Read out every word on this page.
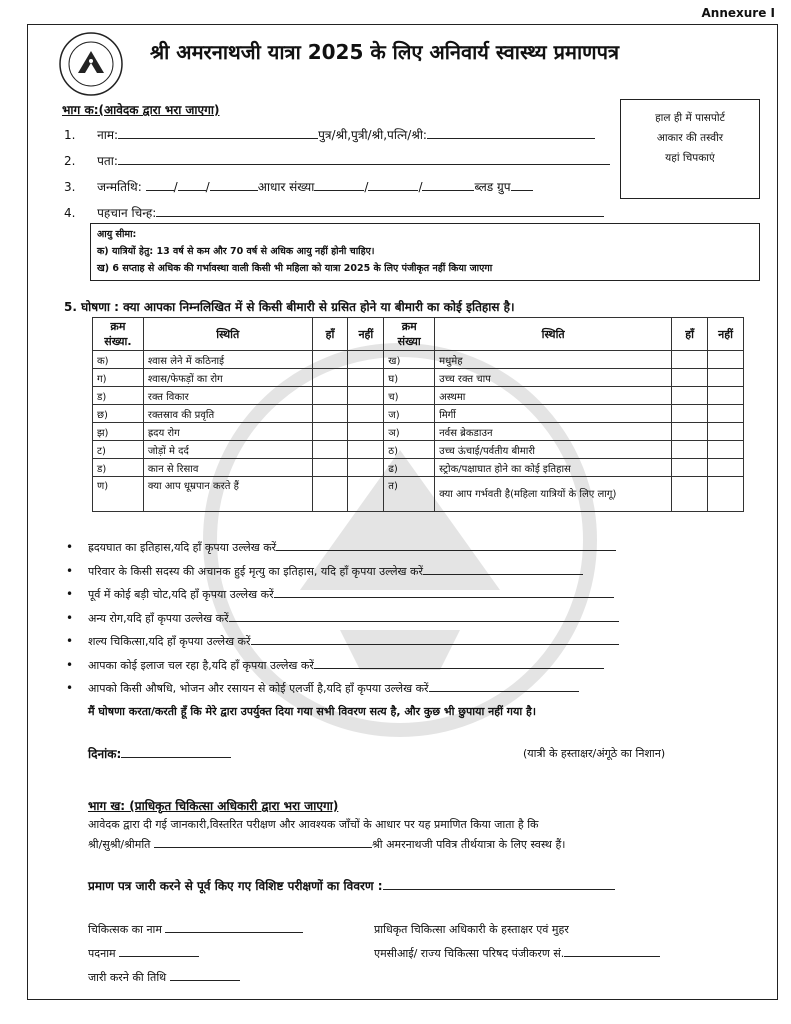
Annexure I
श्री अमरनाथजी यात्रा 2025 के लिए अनिवार्य स्वास्थ्य प्रमाणपत्र
भाग क:(आवेदक द्वारा भरा जाएगा)
हाल ही में पासपोर्ट
आकार की तस्वीर
यहां चिपकाएं
1. नाम:	पुत्र/श्री,पुत्री/श्री,पत्नि/श्री:
2. पता:
3. जन्मतिथि:	/ /	आधार संख्या	/	/	ब्लड ग्रुप
4. पहचान चिन्ह:
आयु सीमा:
क) यात्रियों हेतु: 13 वर्ष से कम और 70 वर्ष से अधिक आयु नहीं होनी चाहिए।
ख) 6 सप्ताह से अधिक की गर्भावस्था वाली किसी भी महिला को यात्रा 2025 के लिए पंजीकृत नहीं किया जाएगा
5. घोषणा : क्या आपका निम्नलिखित में से किसी बीमारी से ग्रसित होने या बीमारी का कोई इतिहास है।
क्रम संख्या.	स्थिति	हाँ	नहीं	क्रम संख्या	स्थिति	हाँ	नहीं
क)	श्वास लेने में कठिनाई			ख)	मधुमेह		
ग)	श्वास/फेफड़ों का रोग			घ)	उच्च रक्त चाप		
ड)	रक्त विकार			च)	अस्थमा		
छ)	रक्तस्राव की प्रवृति			ज)	मिर्गी		
झ)	ह्रदय रोग			ञ)	नर्वस ब्रेकडाउन		
ट)	जोड़ों मे दर्द			ठ)	उच्च ऊंचाई/पर्वतीय बीमारी		
ड)	कान से रिसाव			ढ)	स्ट्रोक/पक्षाघात होने का कोई इतिहास		
ण)	क्या आप धूम्रपान करते हैं			त)	क्या आप गर्भवती है(महिला यात्रियों के लिए लागू)		
• ह्रदयघात का इतिहास,यदि हाँ कृपया उल्लेख करें
• परिवार के किसी सदस्य की अचानक हुई मृत्यु का इतिहास, यदि हाँ कृपया उल्लेख करें
• पूर्व में कोई बड़ी चोट,यदि हाँ कृपया उल्लेख करें
• अन्य रोग,यदि हाँ कृपया उल्लेख करें
• शल्य चिकित्सा,यदि हाँ कृपया उल्लेख करें
• आपका कोई इलाज चल रहा है,यदि हाँ कृपया उल्लेख करें
• आपको किसी औषधि, भोजन और रसायन से कोई एलर्जी है,यदि हाँ कृपया उल्लेख करें
मैं घोषणा करता/करती हूँ कि मेरे द्वारा उपर्युक्त दिया गया सभी विवरण सत्य है, और कुछ भी छुपाया नहीं गया है।
दिनांक:	(यात्री के हस्ताक्षर/अंगूठे का निशान)
भाग ख: (प्राधिकृत चिकित्सा अधिकारी द्वारा भरा जाएगा)
आवेदक द्वारा दी गई जानकारी,विस्तरित परीक्षण और आवश्यक जाँचों के आधार पर यह प्रमाणित किया जाता है कि
श्री/सुश्री/श्रीमति	श्री अमरनाथजी पवित्र तीर्थयात्रा के लिए स्वस्थ हैं।
प्रमाण पत्र जारी करने से पूर्व किए गए विशिष्ट परीक्षणों का विवरण :
चिकित्सक का नाम
पदनाम
जारी करने की तिथि
प्राधिकृत चिकित्सा अधिकारी के हस्ताक्षर एवं मुहर
एमसीआई/ राज्य चिकित्सा परिषद पंजीकरण सं.
